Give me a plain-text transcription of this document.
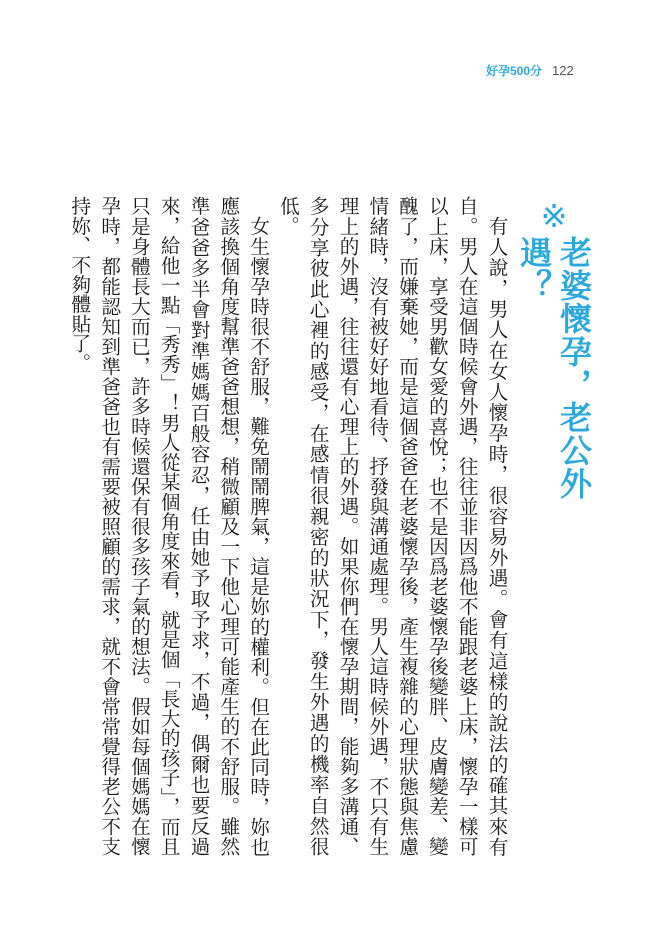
好孕500分 122
※
老婆懷孕，老公外遇？

有人說，男人在女人懷孕時，很容易外遇。會有這樣的說法的確其來有自。男人在這個時候會外遇，往往並非因爲他不能跟老婆上床，懷孕一樣可以上床，享受男歡女愛的喜悅；也不是因爲老婆懷孕後變胖、皮膚變差、變醜了，而嫌棄她，而是這個爸爸在老婆懷孕後，產生複雜的心理狀態與焦慮情緒時，沒有被好好地看待、抒發與溝通處理。男人這時候外遇，不只有生理上的外遇，往往還有心理上的外遇。如果你們在懷孕期間，能夠多溝通、多分享彼此心裡的感受，在感情很親密的狀況下，發生外遇的機率自然很低。

女生懷孕時很不舒服，難免鬧鬧脾氣，這是妳的權利。但在此同時，妳也應該換個角度幫準爸爸想想，稍微顧及一下他心理可能產生的不舒服。雖然準爸爸多半會對準媽媽百般容忍，任由她予取予求，不過，偶爾也要反過來，給他一點「秀秀」！男人從某個角度來看，就是個「長大的孩子」，而且只是身體長大而已，許多時候還保有很多孩子氣的想法。假如每個媽媽在懷孕時，都能認知到準爸爸也有需要被照顧的需求，就不會常常覺得老公不支持妳、不夠體貼了。
